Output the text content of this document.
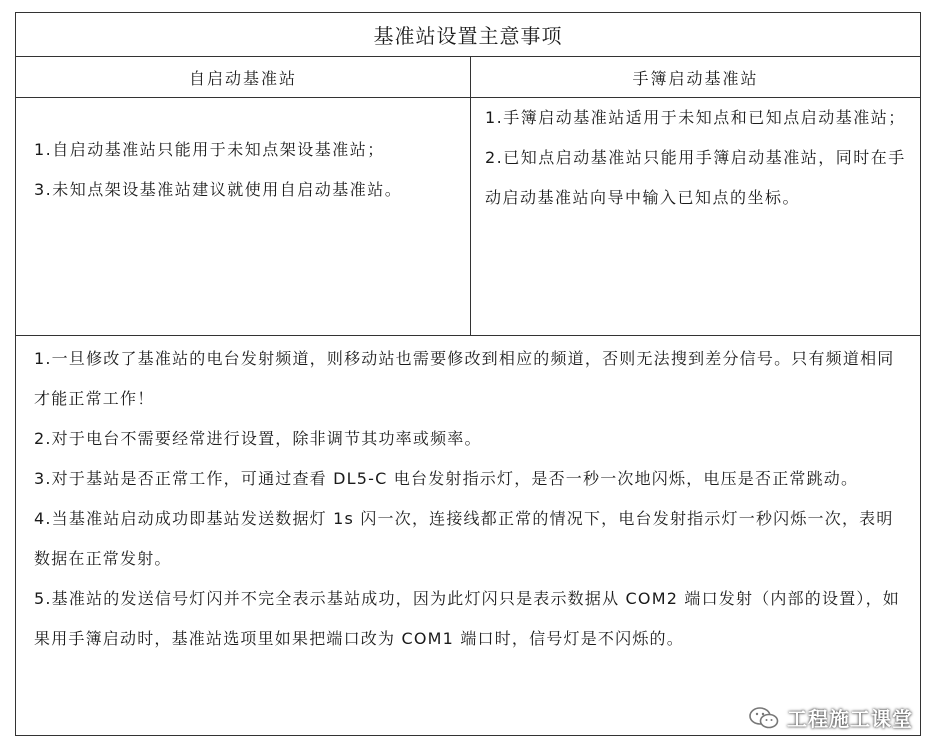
基准站设置主意事项
自启动基准站	手簿启动基准站

1.自启动基准站只能用于未知点架设基准站；

3.未知点架设基准站建议就使用自启动基准站。

1.手簿启动基准站适用于未知点和已知点启动基准站；

2.已知点启动基准站只能用手簿启动基准站，同时在手动启动基准站向导中输入已知点的坐标。

1.一旦修改了基准站的电台发射频道，则移动站也需要修改到相应的频道，否则无法搜到差分信号。只有频道相同才能正常工作！

2.对于电台不需要经常进行设置，除非调节其功率或频率。

3.对于基站是否正常工作，可通过查看 DL5-C 电台发射指示灯，是否一秒一次地闪烁，电压是否正常跳动。

4.当基准站启动成功即基站发送数据灯 1s 闪一次，连接线都正常的情况下，电台发射指示灯一秒闪烁一次，表明数据在正常发射。

5.基准站的发送信号灯闪并不完全表示基站成功，因为此灯闪只是表示数据从 COM2 端口发射（内部的设置），如果用手簿启动时，基准站选项里如果把端口改为 COM1 端口时，信号灯是不闪烁的。

工程施工课堂
